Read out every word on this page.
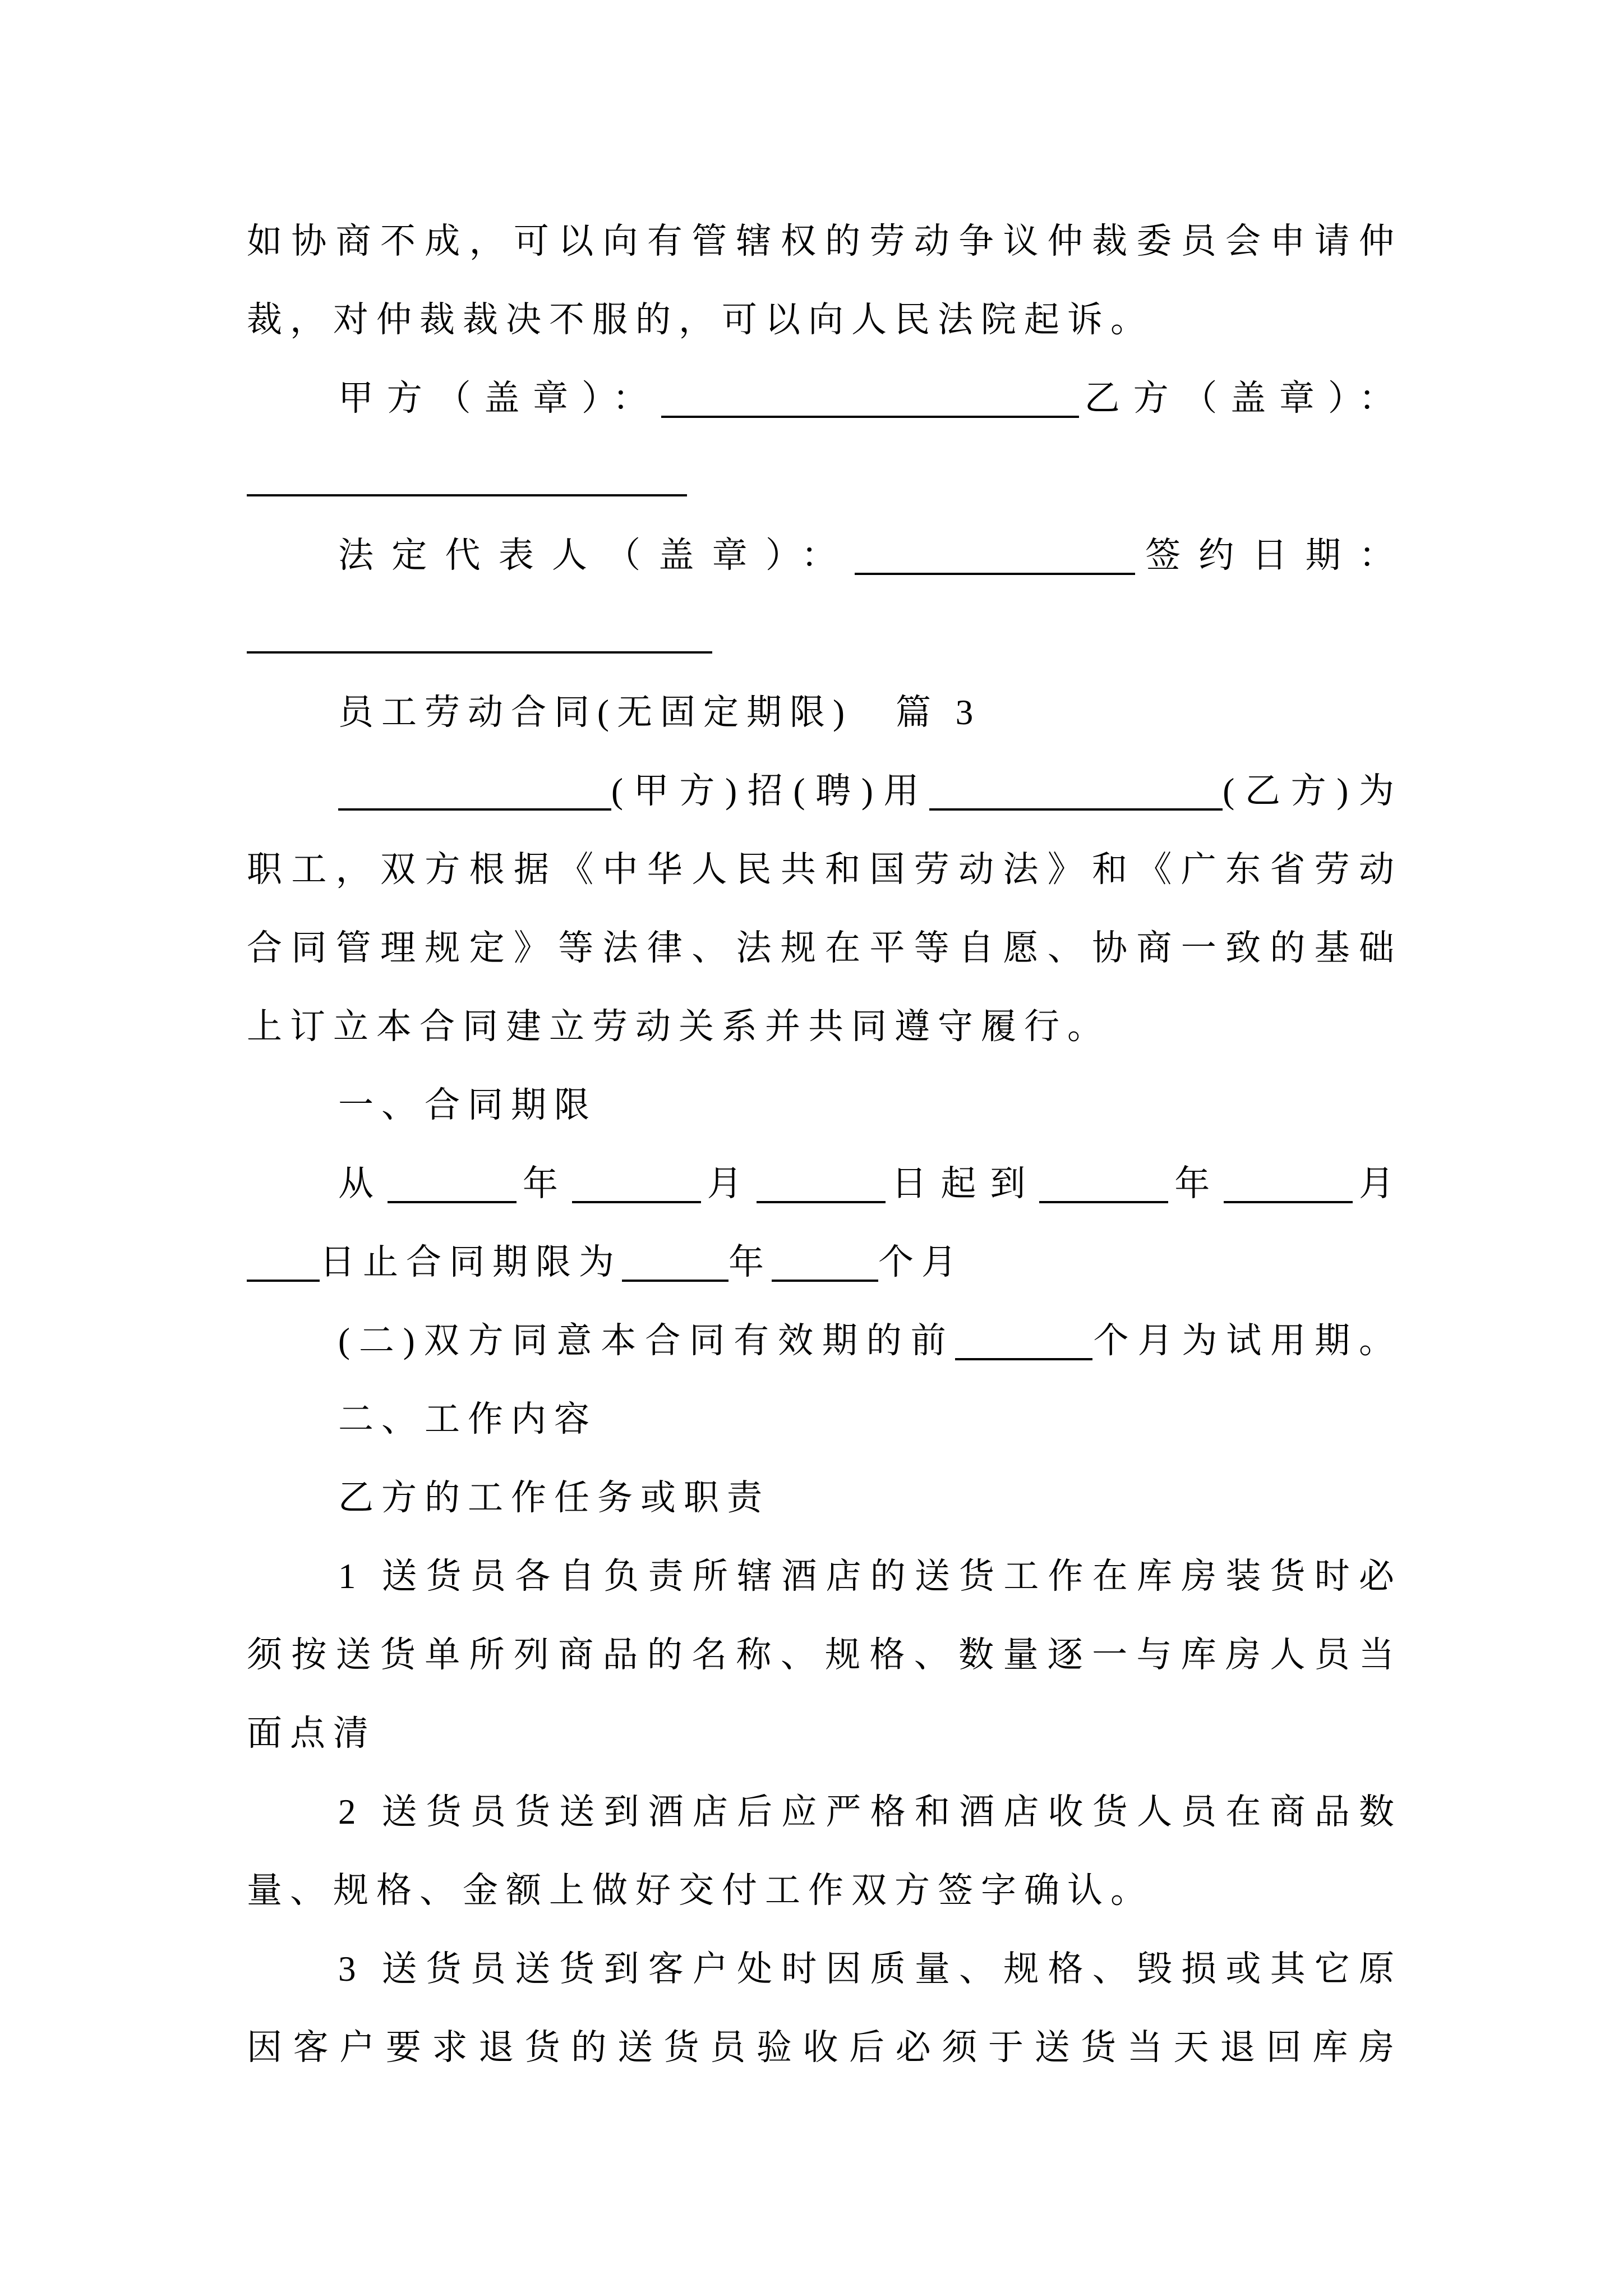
如协商不成，可以向有管辖权的劳动争议仲裁委员会申请仲
裁，对仲裁裁决不服的，可以向人民法院起诉。
甲方（盖章）：	乙方（盖章）：
法定代表人（盖章）：	签约日期：
员工劳动合同(无固定期限)　篇 3
(甲方)招(聘)用	(乙方)为
职工，双方根据《中华人民共和国劳动法》和《广东省劳动
合同管理规定》等法律、法规在平等自愿、协商一致的基础
上订立本合同建立劳动关系并共同遵守履行。
一、合同期限
从	年	月	日起到	年	月
日止合同期限为	年	个月
(二)双方同意本合同有效期的前	个月为试用期。
二、工作内容
乙方的工作任务或职责
1 送货员各自负责所辖酒店的送货工作在库房装货时必
须按送货单所列商品的名称、规格、数量逐一与库房人员当
面点清
2 送货员货送到酒店后应严格和酒店收货人员在商品数
量、规格、金额上做好交付工作双方签字确认。
3 送货员送货到客户处时因质量、规格、毁损或其它原
因客户要求退货的送货员验收后必须于送货当天退回库房
